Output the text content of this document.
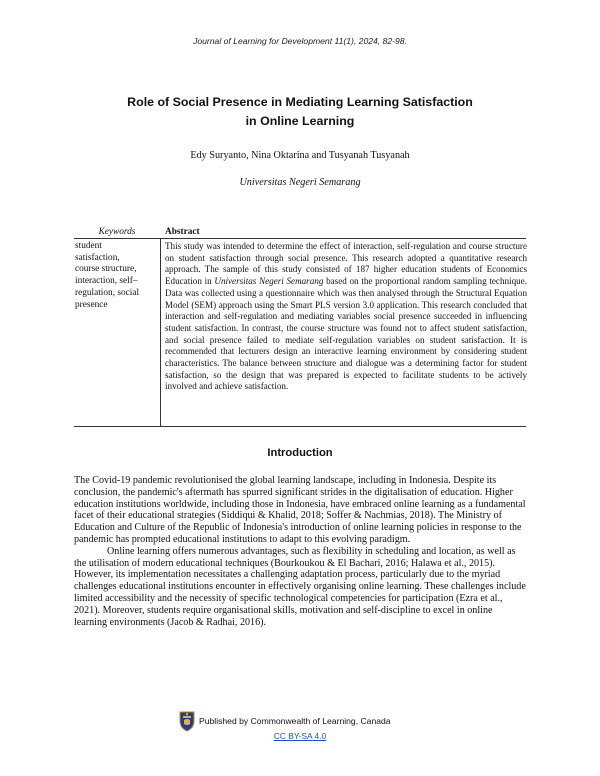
Journal of Learning for Development 11(1), 2024, 82-98.
Role of Social Presence in Mediating Learning Satisfaction
in Online Learning
Edy Suryanto, Nina Oktarina and Tusyanah Tusyanah
Universitas Negeri Semarang
Keywords	Abstract
student
satisfaction,
course structure,
interaction, self–
regulation, social
presence
This study was intended to determine the effect of interaction, self-regulation and course structure on student satisfaction through social presence. This research adopted a quantitative research approach. The sample of this study consisted of 187 higher education students of Economics Education in Universitas Negeri Semarang based on the proportional random sampling technique. Data was collected using a questionnaire which was then analysed through the Structural Equation Model (SEM) approach using the Smart PLS version 3.0 application. This research concluded that interaction and self-regulation and mediating variables social presence succeeded in influencing student satisfaction. In contrast, the course structure was found not to affect student satisfaction, and social presence failed to mediate self-regulation variables on student satisfaction. It is recommended that lecturers design an interactive learning environment by considering student characteristics. The balance between structure and dialogue was a determining factor for student satisfaction, so the design that was prepared is expected to facilitate students to be actively involved and achieve satisfaction.
Introduction

The Covid-19 pandemic revolutionised the global learning landscape, including in Indonesia. Despite its conclusion, the pandemic's aftermath has spurred significant strides in the digitalisation of education. Higher education institutions worldwide, including those in Indonesia, have embraced online learning as a fundamental facet of their educational strategies (Siddiqui & Khalid, 2018; Soffer & Nachmias, 2018). The Ministry of Education and Culture of the Republic of Indonesia's introduction of online learning policies in response to the pandemic has prompted educational institutions to adapt to this evolving paradigm.

Online learning offers numerous advantages, such as flexibility in scheduling and location, as well as the utilisation of modern educational techniques (Bourkoukou & El Bachari, 2016; Halawa et al., 2015). However, its implementation necessitates a challenging adaptation process, particularly due to the myriad challenges educational institutions encounter in effectively organising online learning. These challenges include limited accessibility and the necessity of specific technological competencies for participation (Ezra et al., 2021). Moreover, students require organisational skills, motivation and self-discipline to excel in online learning environments (Jacob & Radhai, 2016).

Published by Commonwealth of Learning, Canada
CC BY-SA 4.0
